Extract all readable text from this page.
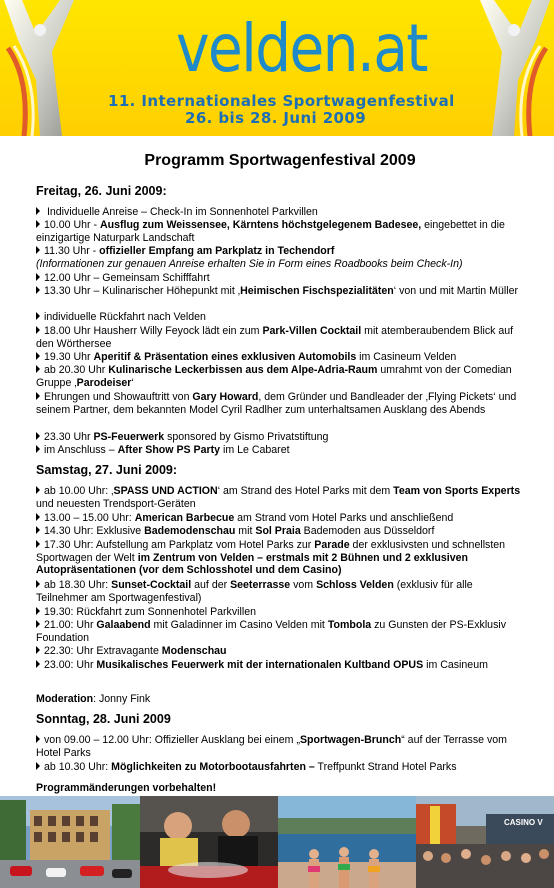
velden.at
11. Internationales Sportwagenfestival
26. bis 28. Juni 2009
Programm Sportwagenfestival 2009
Freitag, 26. Juni 2009:
Individuelle Anreise – Check-In im Sonnenhotel Parkvillen
10.00 Uhr - Ausflug zum Weissensee, Kärntens höchstgelegenem Badesee, eingebettet in die einzigartige Naturpark Landschaft
11.30 Uhr - offizieller Empfang am Parkplatz in Techendorf
(Informationen zur genauen Anreise erhalten Sie in Form eines Roadbooks beim Check-In)
12.00 Uhr – Gemeinsam Schifffahrt
13.30 Uhr – Kulinarischer Höhepunkt mit ‚Heimischen Fischspezialitäten‘ von und mit Martin Müller
individuelle Rückfahrt nach Velden
18.00 Uhr Hausherr Willy Feyock lädt ein zum Park-Villen Cocktail mit atemberaubendem Blick auf den Wörthersee
19.30 Uhr Aperitif & Präsentation eines exklusiven Automobils im Casineum Velden
ab 20.30 Uhr Kulinarische Leckerbissen aus dem Alpe-Adria-Raum umrahmt von der Comedian Gruppe ‚Parodeiser‘
Ehrungen und Showauftritt von Gary Howard, dem Gründer und Bandleader der ‚Flying Pickets‘ und seinem Partner, dem bekannten Model Cyril Radlher zum unterhaltsamen Ausklang des Abends
23.30 Uhr PS-Feuerwerk sponsored by Gismo Privatstiftung
im Anschluss – After Show PS Party im Le Cabaret
Samstag, 27. Juni 2009:
ab 10.00 Uhr: ‚SPASS UND ACTION‘ am Strand des Hotel Parks mit dem Team von Sports Experts und neuesten Trendsport-Geräten
13.00 – 15.00 Uhr: American Barbecue am Strand vom Hotel Parks und anschließend
14.30 Uhr: Exklusive Bademodenschau mit Sol Praia Bademoden aus Düsseldorf
17.30 Uhr: Aufstellung am Parkplatz vom Hotel Parks zur Parade der exklusivsten und schnellsten Sportwagen der Welt im Zentrum von Velden – erstmals mit 2 Bühnen und 2 exklusiven Autopräsentationen (vor dem Schlosshotel und dem Casino)
ab 18.30 Uhr: Sunset-Cocktail auf der Seeterrasse vom Schloss Velden (exklusiv für alle Teilnehmer am Sportwagenfestival)
19.30: Rückfahrt zum Sonnenhotel Parkvillen
21.00: Uhr Galaabend mit Galadinner im Casino Velden mit Tombola zu Gunsten der PS-Exklusiv Foundation
22.30: Uhr Extravagante Modenschau
23.00: Uhr Musikalisches Feuerwerk mit der internationalen Kultband OPUS im Casineum
Moderation: Jonny Fink
Sonntag, 28. Juni 2009
von 09.00 – 12.00 Uhr: Offizieller Ausklang bei einem „Sportwagen-Brunch“ auf der Terrasse vom Hotel Parks
ab 10.30 Uhr: Möglichkeiten zu Motorbootausfahrten – Treffpunkt Strand Hotel Parks
Programmänderungen vorbehalten!
CASINO V
